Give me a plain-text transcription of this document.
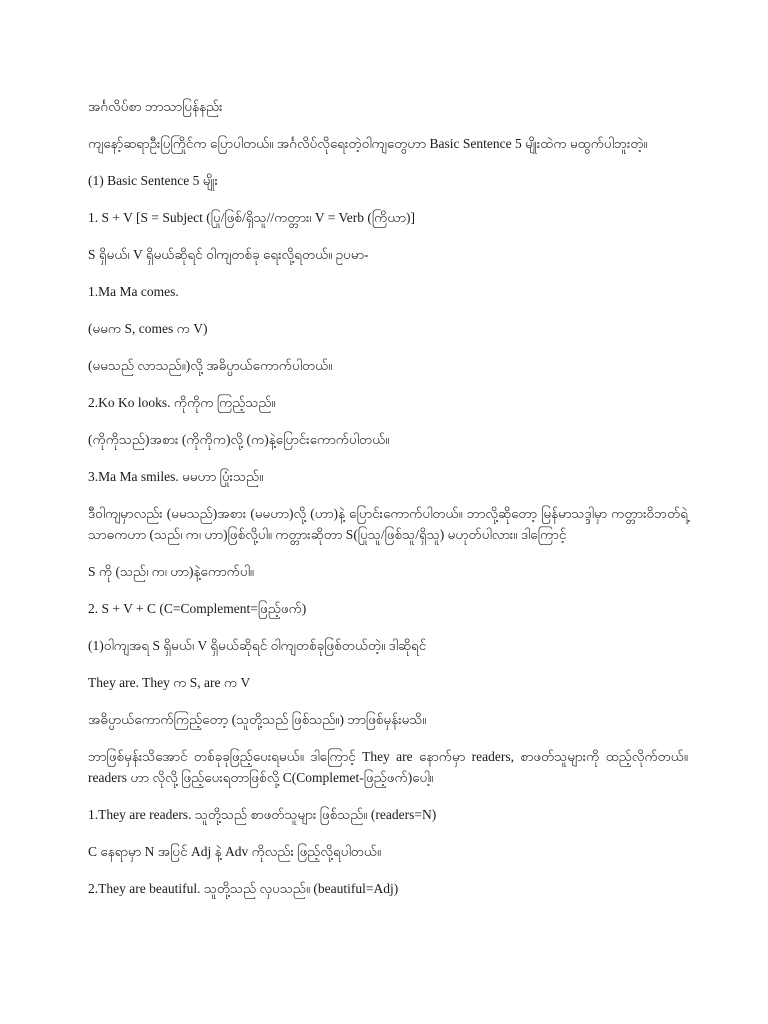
အင်္ဂလိပ်စာ ဘာသာပြန်နည်း

ကျနော့်ဆရာဦးပြကြိုင်က ပြောပါတယ်။ အင်္ဂလိပ်လိုရေးတဲ့ဝါကျတွေဟာ Basic Sentence 5 မျိုးထဲက မထွက်ပါဘူးတဲ့။

(1) Basic Sentence 5 မျိုး

1. S + V [S = Subject (ပြု/ဖြစ်/ရှိသူ//ကတ္တား၊ V = Verb (ကြိယာ)]

S ရှိမယ်၊ V ရှိမယ်ဆိုရင် ဝါကျတစ်ခု ရေးလို့ရတယ်။ ဥပမာ-

1.Ma Ma comes.

(မမက S, comes က V)

(မမသည် လာသည်။)လို့ အဓိပ္ပာယ်ကောက်ပါတယ်။

2.Ko Ko looks. ကိုကိုက ကြည့်သည်။

(ကိုကိုသည်)အစား (ကိုကိုက)လို့ (က)နဲ့ပြောင်းကောက်ပါတယ်။

3.Ma Ma smiles. မမဟာ ပြုံးသည်။

ဒီဝါကျမှာလည်း (မမသည်)အစား (မမဟာ)လို့ (ဟာ)နဲ့ ပြောင်းကောက်ပါတယ်။ ဘာလို့ဆိုတော့ မြန်မာသဒ္ဒါမှာ ကတ္တားဝိဘတ်ရဲ့ သာဓကဟာ (သည်၊ က၊ ဟာ)ဖြစ်လို့ပါ။ ကတ္တားဆိုတာ S(ပြုသူ/ဖြစ်သူ/ရှိသူ) မဟုတ်ပါလား။ ဒါကြောင့်

S ကို (သည်၊ က၊ ဟာ)နဲ့ကောက်ပါ။

2. S + V + C (C=Complement=ဖြည့်ဖက်)

(1)ဝါကျအရ S ရှိမယ်၊ V ရှိမယ်ဆိုရင် ဝါကျတစ်ခုဖြစ်တယ်တဲ့။ ဒါဆိုရင်

They are. They က S, are က V

အဓိပ္ပာယ်ကောက်ကြည့်တော့ (သူတို့သည် ဖြစ်သည်။) ဘာဖြစ်မှန်းမသိ။

ဘာဖြစ်မှန်းသိအောင် တစ်ခုခုဖြည့်ပေးရမယ်။ ဒါကြောင့် They are နောက်မှာ readers, စာဖတ်သူများကို ထည့်လိုက်တယ်။ readers ဟာ လိုလို့ဖြည့်ပေးရတာဖြစ်လို့ C(Complemet-ဖြည့်ဖက်)ပေါ့။

1.They are readers. သူတို့သည် စာဖတ်သူများ ဖြစ်သည်။ (readers=N)

C နေရာမှာ N အပြင် Adj နဲ့ Adv ကိုလည်း ဖြည့်လို့ရပါတယ်။

2.They are beautiful. သူတို့သည် လှပသည်။ (beautiful=Adj)
